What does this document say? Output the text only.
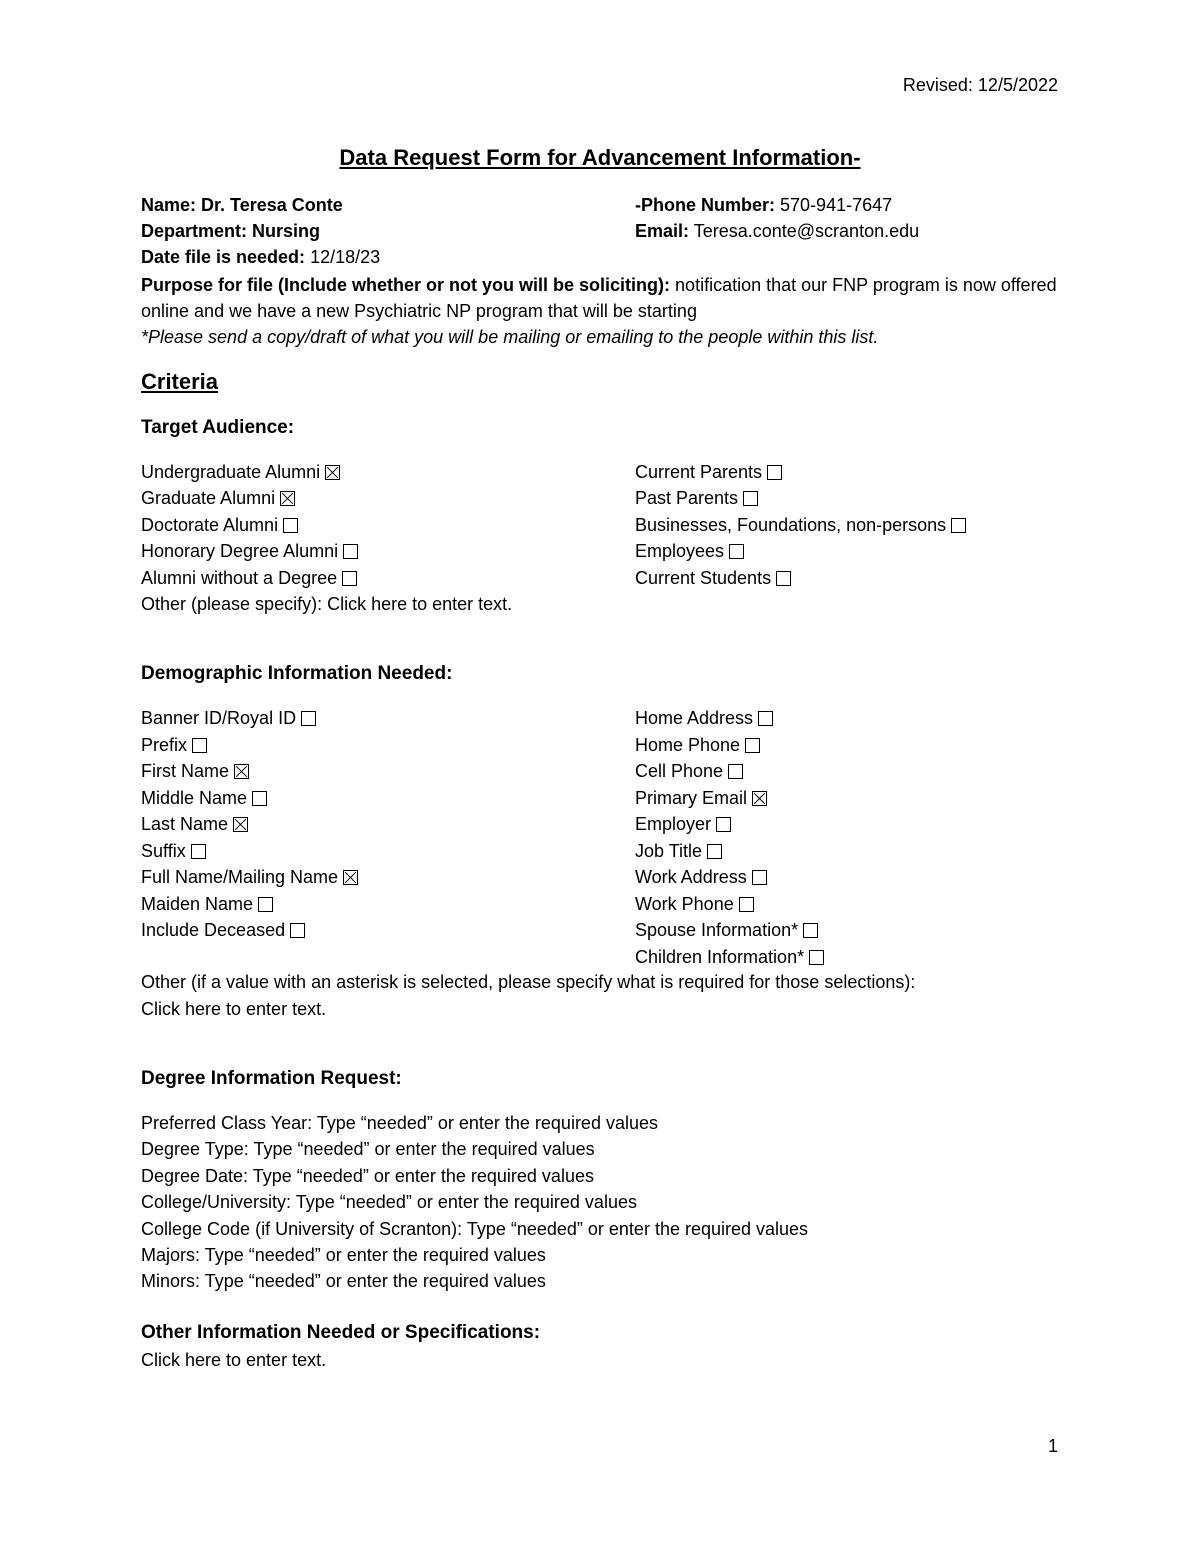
Revised: 12/5/2022
Data Request Form for Advancement Information-
Name: Dr. Teresa Conte
Department: Nursing
Date file is needed: 12/18/23
-Phone Number: 570-941-7647
Email: Teresa.conte@scranton.edu
Purpose for file (Include whether or not you will be soliciting): notification that our FNP program is now offered online and we have a new Psychiatric NP program that will be starting
*Please send a copy/draft of what you will be mailing or emailing to the people within this list.
Criteria
Target Audience:
Undergraduate Alumni
Graduate Alumni
Doctorate Alumni
Honorary Degree Alumni
Alumni without a Degree
Current Parents
Past Parents
Businesses, Foundations, non-persons
Employees
Current Students
Other (please specify): Click here to enter text.
Demographic Information Needed:
Banner ID/Royal ID
Prefix
First Name
Middle Name
Last Name
Suffix
Full Name/Mailing Name
Maiden Name
Include Deceased
Home Address
Home Phone
Cell Phone
Primary Email
Employer
Job Title
Work Address
Work Phone
Spouse Information*
Children Information*
Other (if a value with an asterisk is selected, please specify what is required for those selections):
Click here to enter text.
Degree Information Request:
Preferred Class Year: Type “needed” or enter the required values
Degree Type: Type “needed” or enter the required values
Degree Date: Type “needed” or enter the required values
College/University: Type “needed” or enter the required values
College Code (if University of Scranton): Type “needed” or enter the required values
Majors: Type “needed” or enter the required values
Minors: Type “needed” or enter the required values
Other Information Needed or Specifications:
Click here to enter text.
1
